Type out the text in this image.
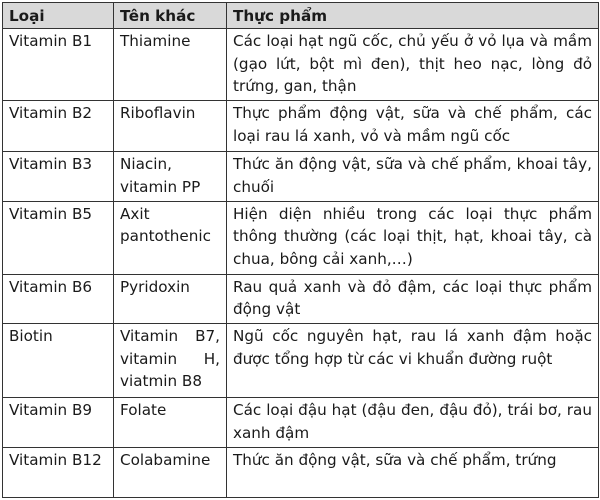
Loại	Tên khác	Thực phẩm
Vitamin B1	Thiamine	Các loại hạt ngũ cốc, chủ yếu ở vỏ lụa và mầm (gạo lứt, bột mì đen), thịt heo nạc, lòng đỏ trứng, gan, thận
Vitamin B2	Riboflavin	Thực phẩm động vật, sữa và chế phẩm, các loại rau lá xanh, vỏ và mầm ngũ cốc
Vitamin B3	Niacin, vitamin PP	Thức ăn động vật, sữa và chế phẩm, khoai tây, chuối
Vitamin B5	Axit pantothenic	Hiện diện nhiều trong các loại thực phẩm thông thường (các loại thịt, hạt, khoai tây, cà chua, bông cải xanh,…)
Vitamin B6	Pyridoxin	Rau quả xanh và đỏ đậm, các loại thực phẩm động vật
Biotin	Vitamin B7, vitamin H, viatmin B8	Ngũ cốc nguyên hạt, rau lá xanh đậm hoặc được tổng hợp từ các vi khuẩn đường ruột
Vitamin B9	Folate	Các loại đậu hạt (đậu đen, đậu đỏ), trái bơ, rau xanh đậm
Vitamin B12	Colabamine	Thức ăn động vật, sữa và chế phẩm, trứng
